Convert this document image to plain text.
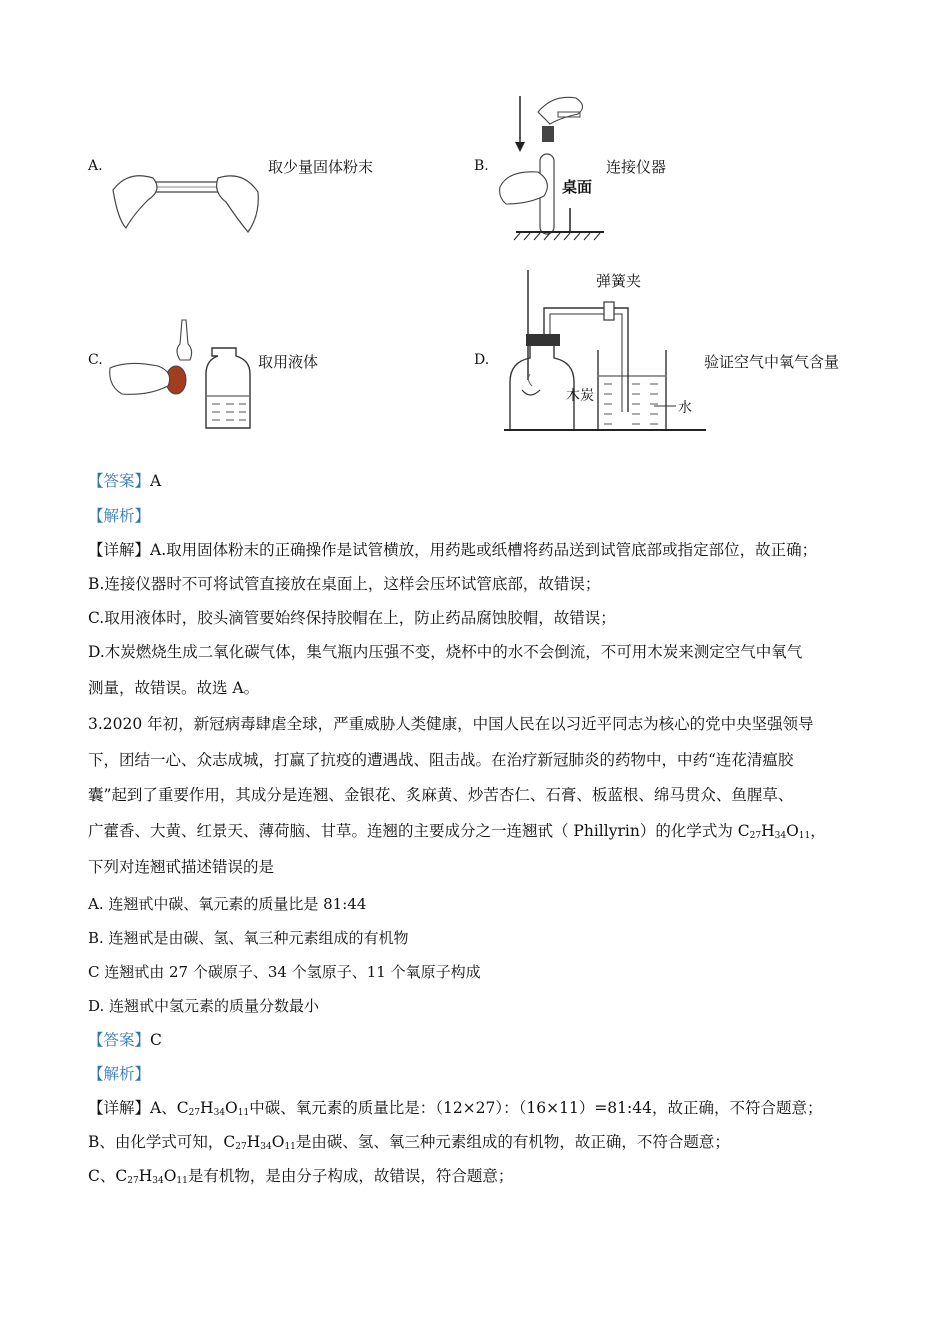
A.	取少量固体粉末	B.
桌面
连接仪器
C.	取用液体	D.
弹簧夹
木炭
水
验证空气中氧气含量
【答案】A
【解析】
【详解】A.取用固体粉末的正确操作是试管横放，用药匙或纸槽将药品送到试管底部或指定部位，故正确；
B.连接仪器时不可将试管直接放在桌面上，这样会压坏试管底部，故错误；
C.取用液体时，胶头滴管要始终保持胶帽在上，防止药品腐蚀胶帽，故错误；
D.木炭燃烧生成二氧化碳气体，集气瓶内压强不变，烧杯中的水不会倒流，不可用木炭来测定空气中氧气
测量，故错误。故选 A。
3.2020 年初，新冠病毒肆虐全球，严重威胁人类健康，中国人民在以习近平同志为核心的党中央坚强领导
下，团结一心、众志成城，打赢了抗疫的遭遇战、阻击战。在治疗新冠肺炎的药物中，中药“连花清瘟胶
囊”起到了重要作用，其成分是连翘、金银花、炙麻黄、炒苦杏仁、石膏、板蓝根、绵马贯众、鱼腥草、
广藿香、大黄、红景天、薄荷脑、甘草。连翘的主要成分之一连翘甙（ Phillyrin）的化学式为 $C_{27}H_{34}O_{11}$，
下列对连翘甙描述错误的是
A. 连翘甙中碳、氧元素的质量比是 81:44
B. 连翘甙是由碳、氢、氧三种元素组成的有机物
C 连翘甙由 27 个碳原子、34 个氢原子、11 个氧原子构成
D. 连翘甙中氢元素的质量分数最小
【答案】C
【解析】
【详解】A、$C_{27}H_{34}O_{11}$中碳、氧元素的质量比是：（12×27）：（16×11）=81:44，故正确，不符合题意；
B、由化学式可知，$C_{27}H_{34}O_{11}$是由碳、氢、氧三种元素组成的有机物，故正确，不符合题意；
C、$C_{27}H_{34}O_{11}$是有机物，是由分子构成，故错误，符合题意；
